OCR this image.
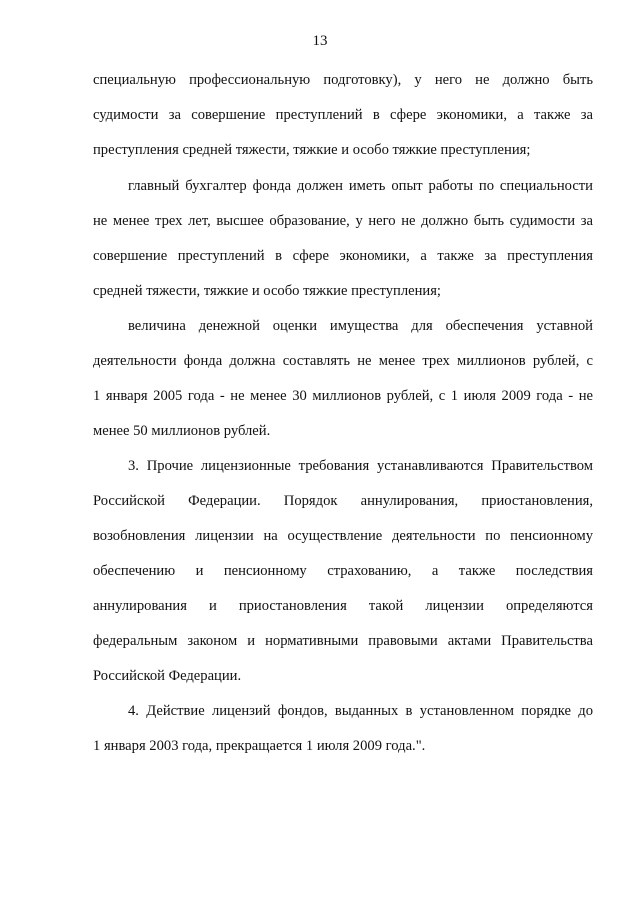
13
специальную профессиональную подготовку), у него не должно быть
судимости за совершение преступлений в сфере экономики, а также за
преступления средней тяжести, тяжкие и особо тяжкие преступления;
главный бухгалтер фонда должен иметь опыт работы по специальности
не менее трех лет, высшее образование, у него не должно быть судимости за
совершение преступлений в сфере экономики, а также за преступления
средней тяжести, тяжкие и особо тяжкие преступления;
величина денежной оценки имущества для обеспечения уставной
деятельности фонда должна составлять не менее трех миллионов рублей, с
1 января 2005 года - не менее 30 миллионов рублей, с 1 июля 2009 года - не
менее 50 миллионов рублей.
3. Прочие лицензионные требования устанавливаются Правительством
Российской Федерации. Порядок аннулирования, приостановления,
возобновления лицензии на осуществление деятельности по пенсионному
обеспечению и пенсионному страхованию, а также последствия
аннулирования и приостановления такой лицензии определяются
федеральным законом и нормативными правовыми актами Правительства
Российской Федерации.
4. Действие лицензий фондов, выданных в установленном порядке до
1 января 2003 года, прекращается 1 июля 2009 года.".
